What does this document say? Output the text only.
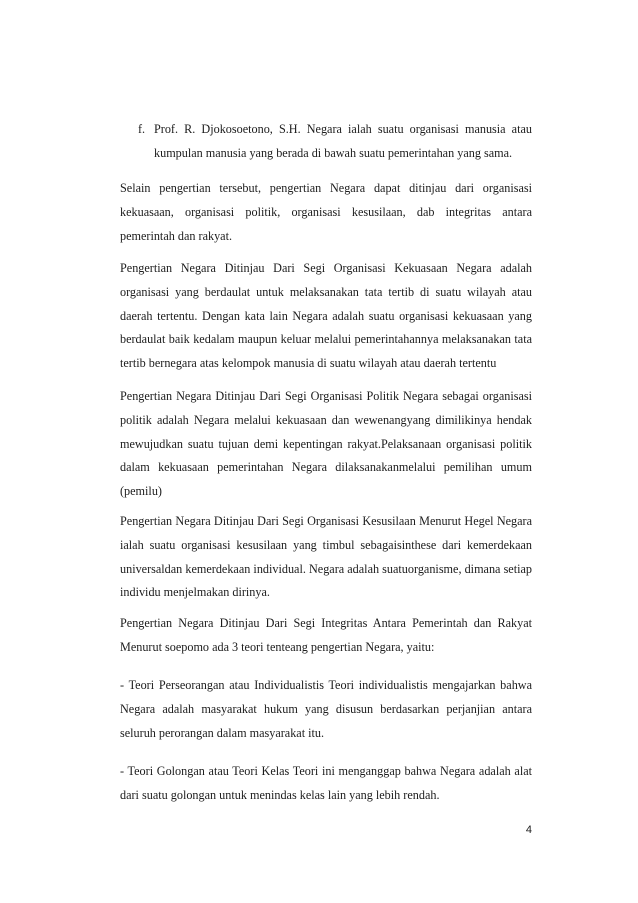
f. Prof. R. Djokosoetono, S.H. Negara ialah suatu organisasi manusia atau kumpulan manusia yang berada di bawah suatu pemerintahan yang sama.
Selain pengertian tersebut, pengertian Negara dapat ditinjau dari organisasi kekuasaan, organisasi politik, organisasi kesusilaan, dab integritas antara pemerintah dan rakyat.
Pengertian Negara Ditinjau Dari Segi Organisasi Kekuasaan Negara adalah organisasi yang berdaulat untuk melaksanakan tata tertib di suatu wilayah atau daerah tertentu. Dengan kata lain Negara adalah suatu organisasi kekuasaan yang berdaulat baik kedalam maupun keluar melalui pemerintahannya melaksanakan tata tertib bernegara atas kelompok manusia di suatu wilayah atau daerah tertentu
Pengertian Negara Ditinjau Dari Segi Organisasi Politik Negara sebagai organisasi politik adalah Negara melalui kekuasaan dan wewenangyang dimilikinya hendak mewujudkan suatu tujuan demi kepentingan rakyat.Pelaksanaan organisasi politik dalam kekuasaan pemerintahan Negara dilaksanakanmelalui pemilihan umum (pemilu)
Pengertian Negara Ditinjau Dari Segi Organisasi Kesusilaan Menurut Hegel Negara ialah suatu organisasi kesusilaan yang timbul sebagaisinthese dari kemerdekaan universaldan kemerdekaan individual. Negara adalah suatuorganisme, dimana setiap individu menjelmakan dirinya.
Pengertian Negara Ditinjau Dari Segi Integritas Antara Pemerintah dan Rakyat Menurut soepomo ada 3 teori tenteang pengertian Negara, yaitu:
- Teori Perseorangan atau Individualistis Teori individualistis mengajarkan bahwa Negara adalah masyarakat hukum yang disusun berdasarkan perjanjian antara seluruh perorangan dalam masyarakat itu.
- Teori Golongan atau Teori Kelas Teori ini menganggap bahwa Negara adalah alat dari suatu golongan untuk menindas kelas lain yang lebih rendah.
4
